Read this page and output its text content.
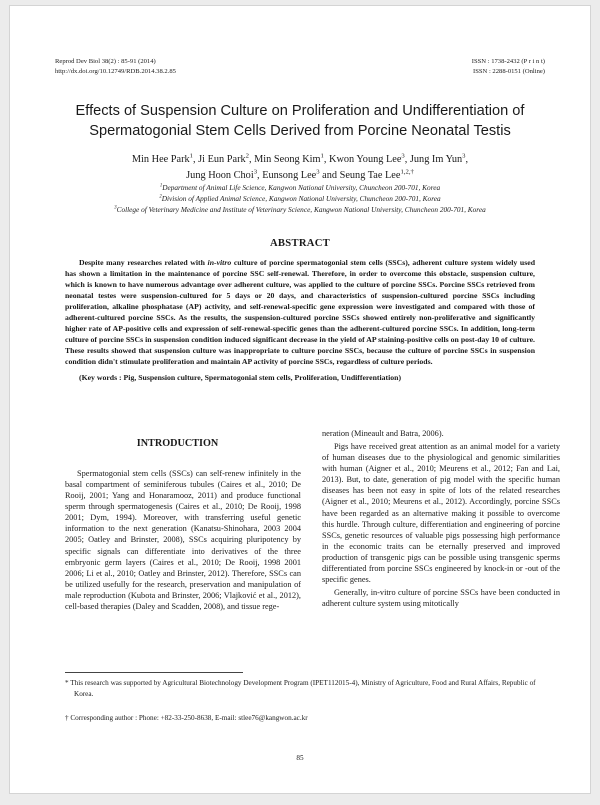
Reprod Dev Biol 38(2) : 85-91 (2014)
http://dx.doi.org/10.12749/RDB.2014.38.2.85
ISSN : 1738-2432 (P r i n t)
ISSN : 2288-0151 (Online)
Effects of Suspension Culture on Proliferation and Undifferentiation of
Spermatogonial Stem Cells Derived from Porcine Neonatal Testis
Min Hee Park$^1$, Ji Eun Park$^2$, Min Seong Kim$^1$, Kwon Young Lee$^3$, Jung Im Yun$^3$,
Jung Hoon Choi$^3$, Eunsong Lee$^3$ and Seung Tae Lee$^{1,2,\dagger}$
$^1$Department of Animal Life Science, Kangwon National University, Chuncheon 200-701, Korea
$^2$Division of Applied Animal Science, Kangwon National University, Chuncheon 200-701, Korea
$^3$College of Veterinary Medicine and Institute of Veterinary Science, Kangwon National University, Chuncheon 200-701, Korea
ABSTRACT
Despite many researches related with in-vitro culture of porcine spermatogonial stem cells (SSCs), adherent culture system widely used has shown a limitation in the maintenance of porcine SSC self-renewal. Therefore, in order to overcome this obstacle, suspension culture, which is known to have numerous advantage over adherent culture, was applied to the culture of porcine SSCs. Porcine SSCs retrieved from neonatal testes were suspension-cultured for 5 days or 20 days, and characteristics of suspension-cultured porcine SSCs including proliferation, alkaline phosphatase (AP) activity, and self-renewal-specific gene expression were investigated and compared with those of adherent-cultured porcine SSCs. As the results, the suspension-cultured porcine SSCs showed entirely non-proliferative and significantly higher rate of AP-positive cells and expression of self-renewal-specific genes than the adherent-cultured porcine SSCs. In addition, long-term culture of porcine SSCs in suspension condition induced significant decrease in the yield of AP staining-positive cells on post-day 10 of culture. These results showed that suspension culture was inappropriate to culture porcine SSCs, because the culture of porcine SSCs in suspension condition didn't stimulate proliferation and maintain AP activity of porcine SSCs, regardless of culture periods.
(Key words : Pig, Suspension culture, Spermatogonial stem cells, Proliferation, Undifferentiation)
INTRODUCTION
Spermatogonial stem cells (SSCs) can self-renew infinitely in the basal compartment of seminiferous tubules (Caires et al., 2010; De Rooij, 2001; Yang and Honaramooz, 2011) and produce functional sperm through spermatogenesis (Caires et al., 2010; De Rooij, 1998 2001; Dym, 1994). Moreover, with transferring useful genetic information to the next generation (Kanatsu-Shinohara, 2003 2004 2005; Oatley and Brinster, 2008), SSCs acquiring pluripotency by specific signals can differentiate into derivatives of the three embryonic germ layers (Caires et al., 2010; De Rooij, 1998 2001 2006; Li et al., 2010; Oatley and Brinster, 2012). Therefore, SSCs can be utilized usefully for the research, preservation and manipulation of male reproduction (Kubota and Brinster, 2006; Vlajković et al., 2012), cell-based therapies (Daley and Scadden, 2008), and tissue rege-

neration (Mineault and Batra, 2006).

Pigs have received great attention as an animal model for a variety of human diseases due to the physiological and genomic similarities with human (Aigner et al., 2010; Meurens et al., 2012; Fan and Lai, 2013). But, to date, generation of pig model with the specific human diseases has been not easy in spite of lots of the related researches (Aigner et al., 2010; Meurens et al., 2012). Accordingly, porcine SSCs have been regarded as an alternative making it possible to overcome this hurdle. Through culture, differentiation and engineering of porcine SSCs, genetic resources of valuable pigs possessing high performance in the economic traits can be eternally preserved and improved production of transgenic pigs can be possible using transgenic sperms differentiated from porcine SSCs engineered by knock-in or -out of the specific genes.

Generally, in-vitro culture of porcine SSCs have been conducted in adherent culture system using mitotically

* This research was supported by Agricultural Biotechnology Development Program (IPET112015-4), Ministry of Agriculture, Food and Rural Affairs, Republic of Korea.
† Corresponding author : Phone: +82-33-250-8638, E-mail: stlee76@kangwon.ac.kr
85
